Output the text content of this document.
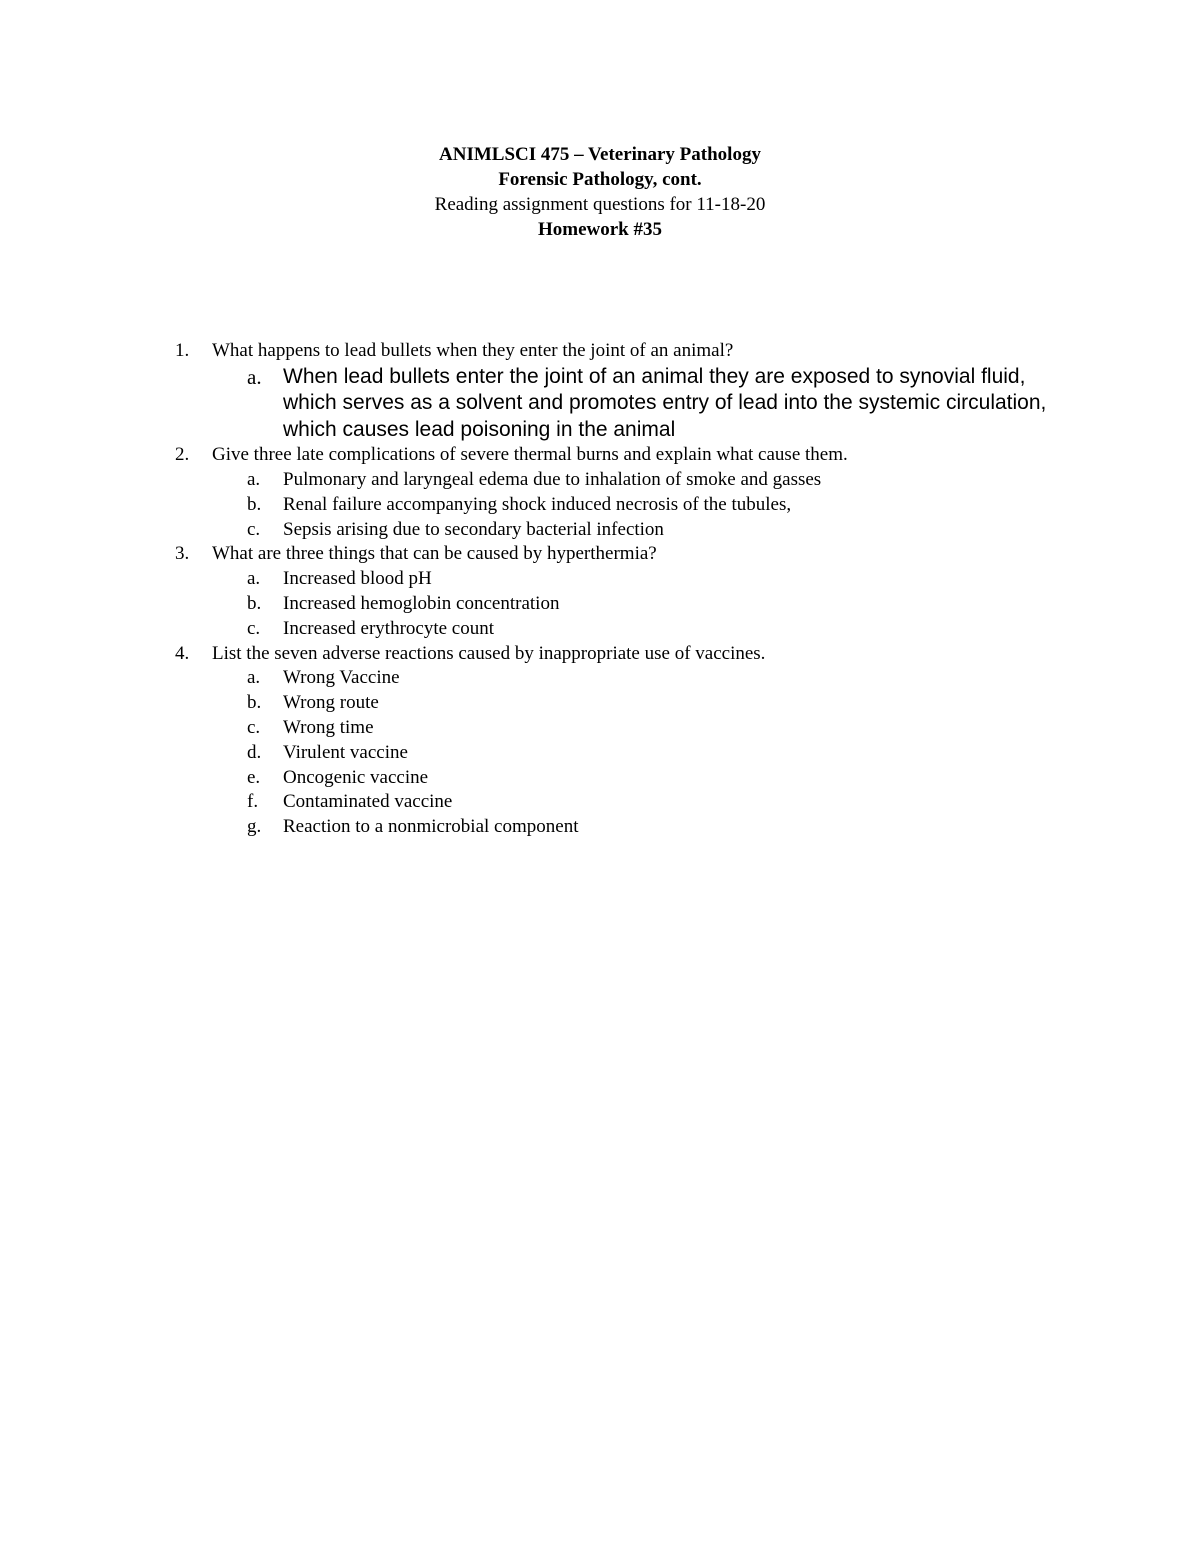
ANIMLSCI 475 – Veterinary Pathology
Forensic Pathology, cont.
Reading assignment questions for 11-18-20
Homework #35
1.	What happens to lead bullets when they enter the joint of an animal?
a.	When lead bullets enter the joint of an animal they are exposed to synovial fluid,
which serves as a solvent and promotes entry of lead into the systemic circulation,
which causes lead poisoning in the animal
2.	Give three late complications of severe thermal burns and explain what cause them.
a.	Pulmonary and laryngeal edema due to inhalation of smoke and gasses
b.	Renal failure accompanying shock induced necrosis of the tubules,
c.	Sepsis arising due to secondary bacterial infection
3.	What are three things that can be caused by hyperthermia?
a.	Increased blood pH
b.	Increased hemoglobin concentration
c.	Increased erythrocyte count
4.	List the seven adverse reactions caused by inappropriate use of vaccines.
a.	Wrong Vaccine
b.	Wrong route
c.	Wrong time
d.	Virulent vaccine
e.	Oncogenic vaccine
f.	Contaminated vaccine
g.	Reaction to a nonmicrobial component
